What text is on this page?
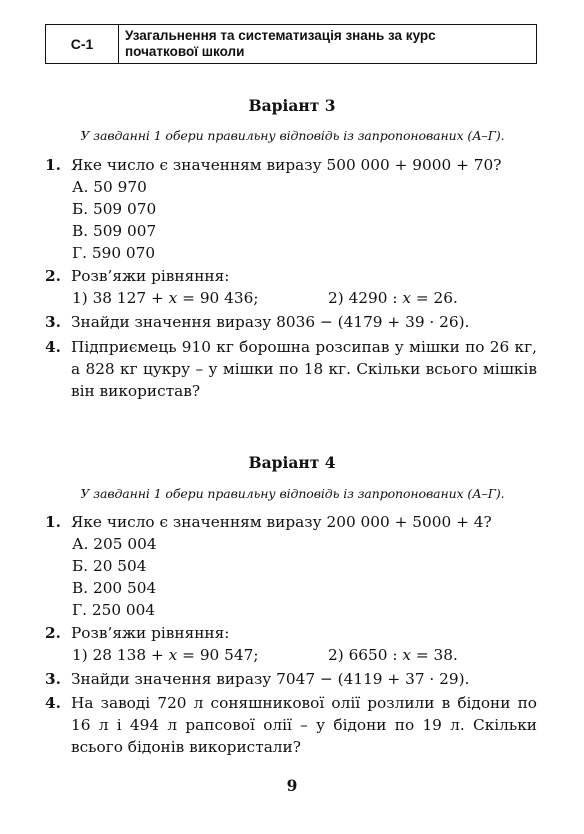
С-1
Узагальнення та систематизація знань за курс
початкової школи
Варіант 3
У завданні 1 обери правильну відповідь із запропонованих (А–Г).
1. Яке число є значенням виразу 500 000 + 9000 + 70?
А. 50 970
Б. 509 070
В. 509 007
Г. 590 070
2. Розв’яжи рівняння:
1) 38 127 + x = 90 436;	2) 4290 : x = 26.
3. Знайди значення виразу 8036 − (4179 + 39 · 26).
4. Підприємець 910 кг борошна розсипав у мішки по 26 кг, а 828 кг цукру – у мішки по 18 кг. Скільки всього мішків він використав?
Варіант 4
У завданні 1 обери правильну відповідь із запропонованих (А–Г).
1. Яке число є значенням виразу 200 000 + 5000 + 4?
А. 205 004
Б. 20 504
В. 200 504
Г. 250 004
2. Розв’яжи рівняння:
1) 28 138 + x = 90 547;	2) 6650 : x = 38.
3. Знайди значення виразу 7047 − (4119 + 37 · 29).
4. На заводі 720 л соняшникової олії розлили в бідони по 16 л і 494 л рапсової олії – у бідони по 19 л. Скільки всього бідонів використали?
9
